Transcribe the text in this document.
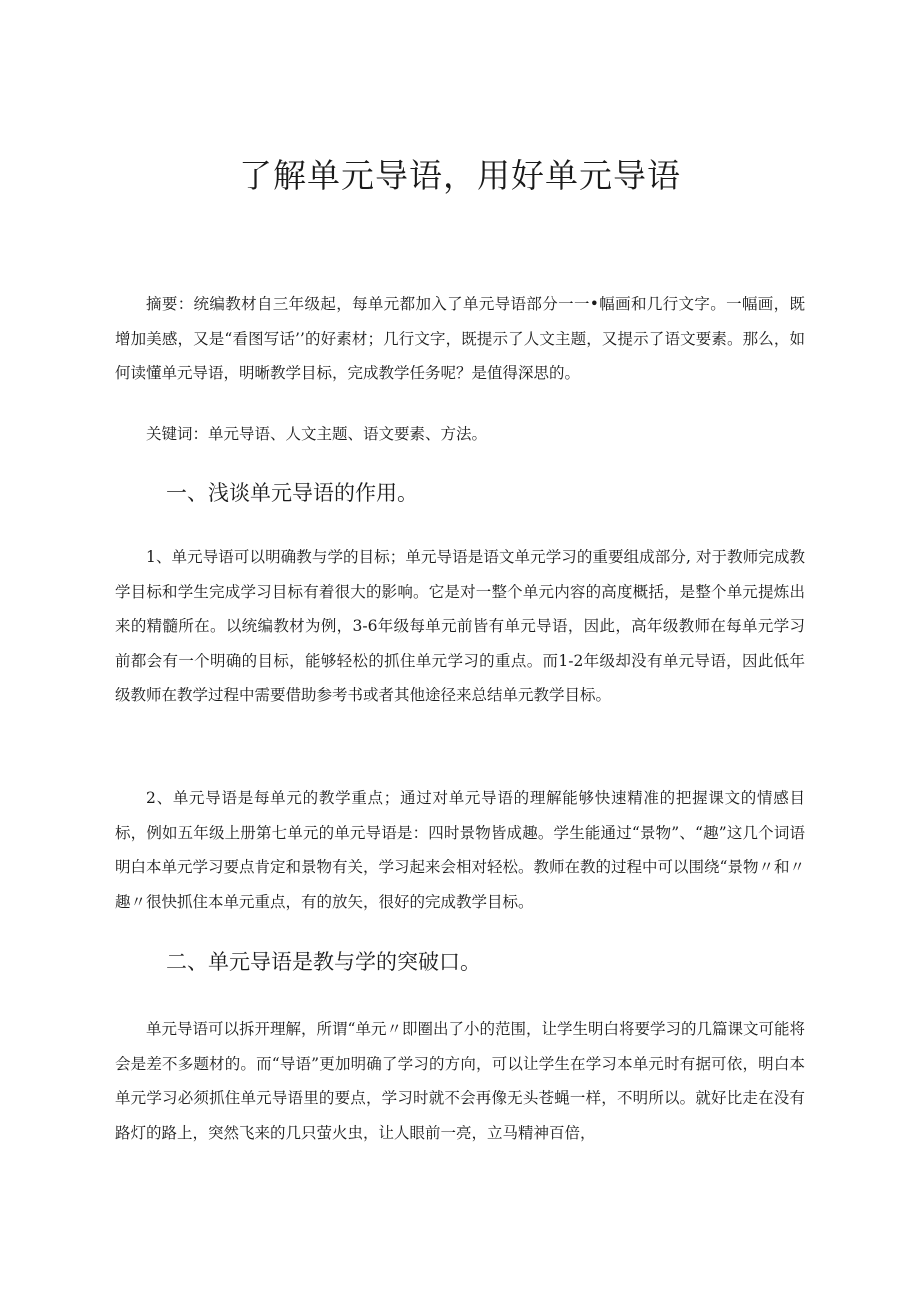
了解单元导语，用好单元导语

摘要：统编教材自三年级起，每单元都加入了单元导语部分一一•幅画和几行文字。一幅画，既增加美感，又是“看图写话’’的好素材；几行文字，既提示了人文主题，又提示了语文要素。那么，如何读懂单元导语，明晰教学目标，完成教学任务呢？是值得深思的。

关键词：单元导语、人文主题、语文要素、方法。

一、浅谈单元导语的作用。

1、单元导语可以明确教与学的目标；单元导语是语文单元学习的重要组成部分, 对于教师完成教学目标和学生完成学习目标有着很大的影响。它是对一整个单元内容的高度概括，是整个单元提炼出来的精髓所在。以统编教材为例，3-6年级每单元前皆有单元导语，因此，高年级教师在每单元学习前都会有一个明确的目标，能够轻松的抓住单元学习的重点。而1-2年级却没有单元导语，因此低年级教师在教学过程中需要借助参考书或者其他途径来总结单元教学目标。

2、单元导语是每单元的教学重点；通过对单元导语的理解能够快速精准的把握课文的情感目标，例如五年级上册第七单元的单元导语是：四时景物皆成趣。学生能通过“景物”、“趣”这几个词语明白本单元学习要点肯定和景物有关，学习起来会相对轻松。教师在教的过程中可以围绕“景物〃和〃趣〃很快抓住本单元重点，有的放矢，很好的完成教学目标。

二、单元导语是教与学的突破口。

单元导语可以拆开理解，所谓“单元〃即圈出了小的范围，让学生明白将要学习的几篇课文可能将会是差不多题材的。而“导语”更加明确了学习的方向，可以让学生在学习本单元时有据可依，明白本单元学习必须抓住单元导语里的要点，学习时就不会再像无头苍蝇一样，不明所以。就好比走在没有路灯的路上，突然飞来的几只萤火虫，让人眼前一亮，立马精神百倍，
